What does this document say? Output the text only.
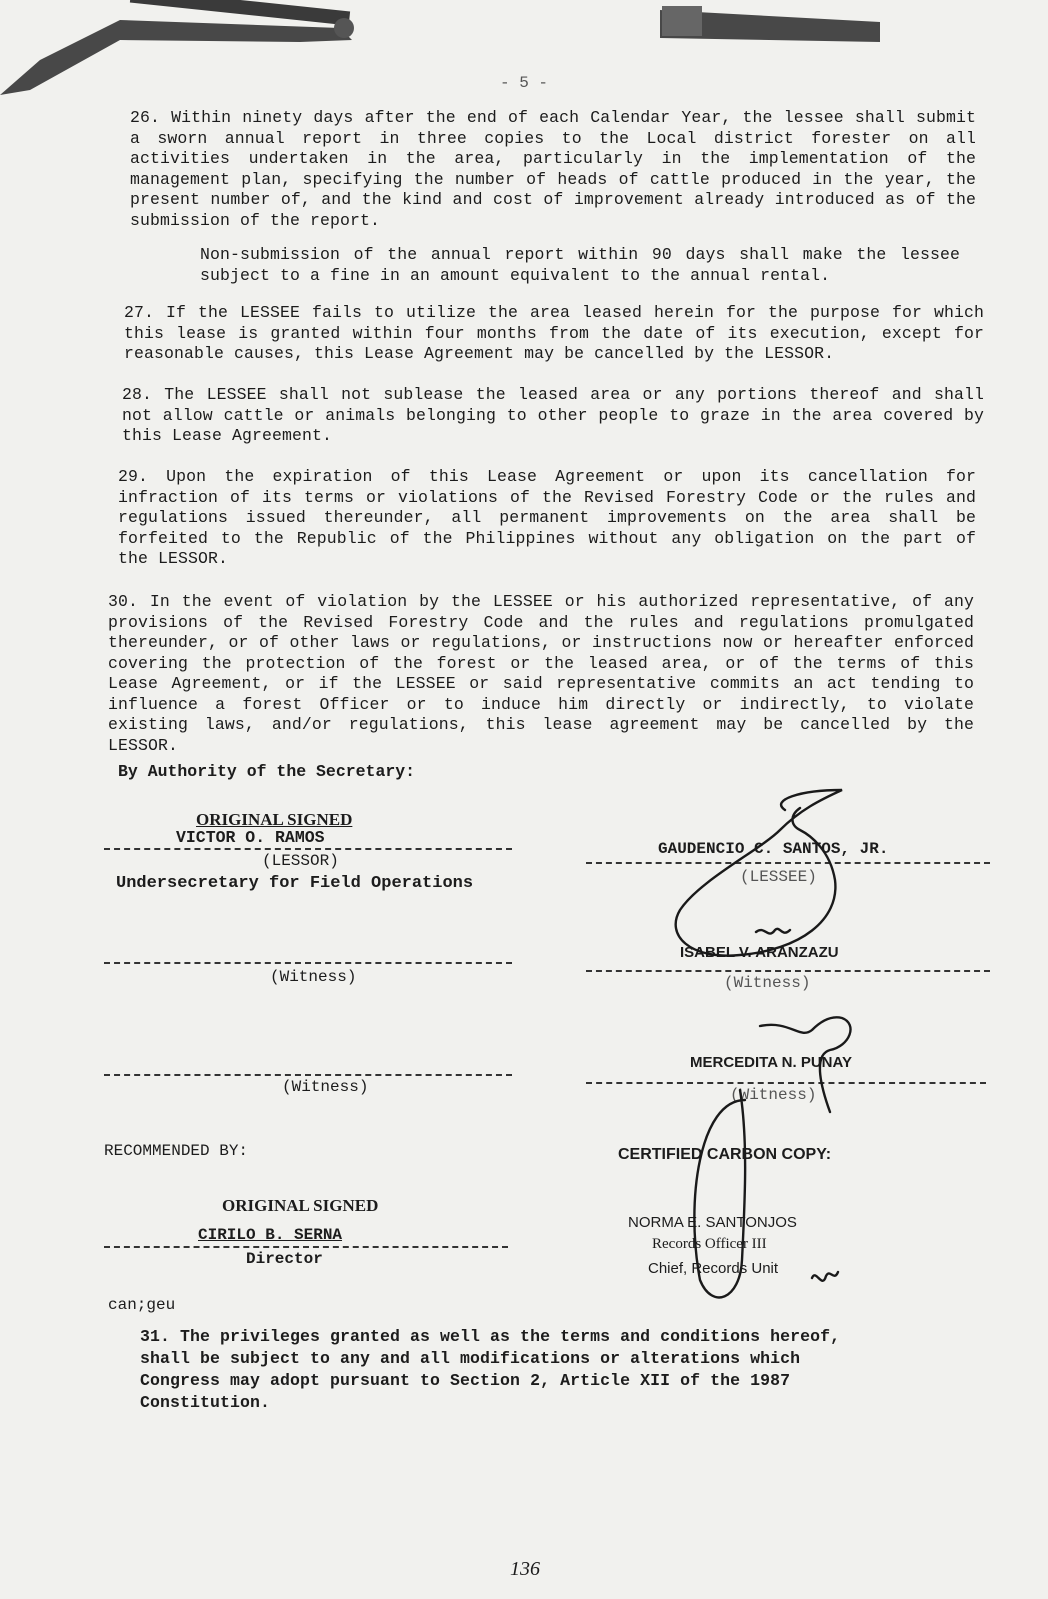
- 5 -

26. Within ninety days after the end of each Calendar Year, the lessee shall submit a sworn annual report in three copies to the Local district forester on all activities undertaken in the area, particularly in the implementation of the management plan, specifying the number of heads of cattle produced in the year, the present number of, and the kind and cost of improvement already introduced as of the submission of the report.

Non-submission of the annual report within 90 days shall make the lessee subject to a fine in an amount equivalent to the annual rental.

27. If the LESSEE fails to utilize the area leased herein for the purpose for which this lease is granted within four months from the date of its execution, except for reasonable causes, this Lease Agreement may be cancelled by the LESSOR.

28. The LESSEE shall not sublease the leased area or any portions thereof and shall not allow cattle or animals belonging to other people to graze in the area covered by this Lease Agreement.

29. Upon the expiration of this Lease Agreement or upon its cancellation for infraction of its terms or violations of the Revised Forestry Code or the rules and regulations issued thereunder, all permanent improvements on the area shall be forfeited to the Republic of the Philippines without any obligation on the part of the LESSOR.

30. In the event of violation by the LESSEE or his authorized representative, of any provisions of the Revised Forestry Code and the rules and regulations promulgated thereunder, or of other laws or regulations, or instructions now or hereafter enforced covering the protection of the forest or the leased area, or of the terms of this Lease Agreement, or if the LESSEE or said representative commits an act tending to influence a forest Officer or to induce him directly or indirectly, to violate existing laws, and/or regulations, this lease agreement may be cancelled by the LESSOR.

By Authority of the Secretary:
ORIGINAL SIGNED
VICTOR O. RAMOS
(LESSOR)
Undersecretary for Field Operations
GAUDENCIO C. SANTOS, JR.
(LESSEE)
(Witness)
(Witness)
ISABEL V. ARANZAZU
(Witness)
MERCEDITA N. PUNAY
(Witness)
RECOMMENDED BY:
ORIGINAL SIGNED
CIRILO B. SERNA
Director
CERTIFIED CARBON COPY:
NORMA E. SANTONJOS
Records Officer III
Chief, Records Unit
can;geu

31. The privileges granted as well as the terms and conditions hereof, shall be subject to any and all modifications or alterations which Congress may adopt pursuant to Section 2, Article XII of the 1987 Constitution.

136
